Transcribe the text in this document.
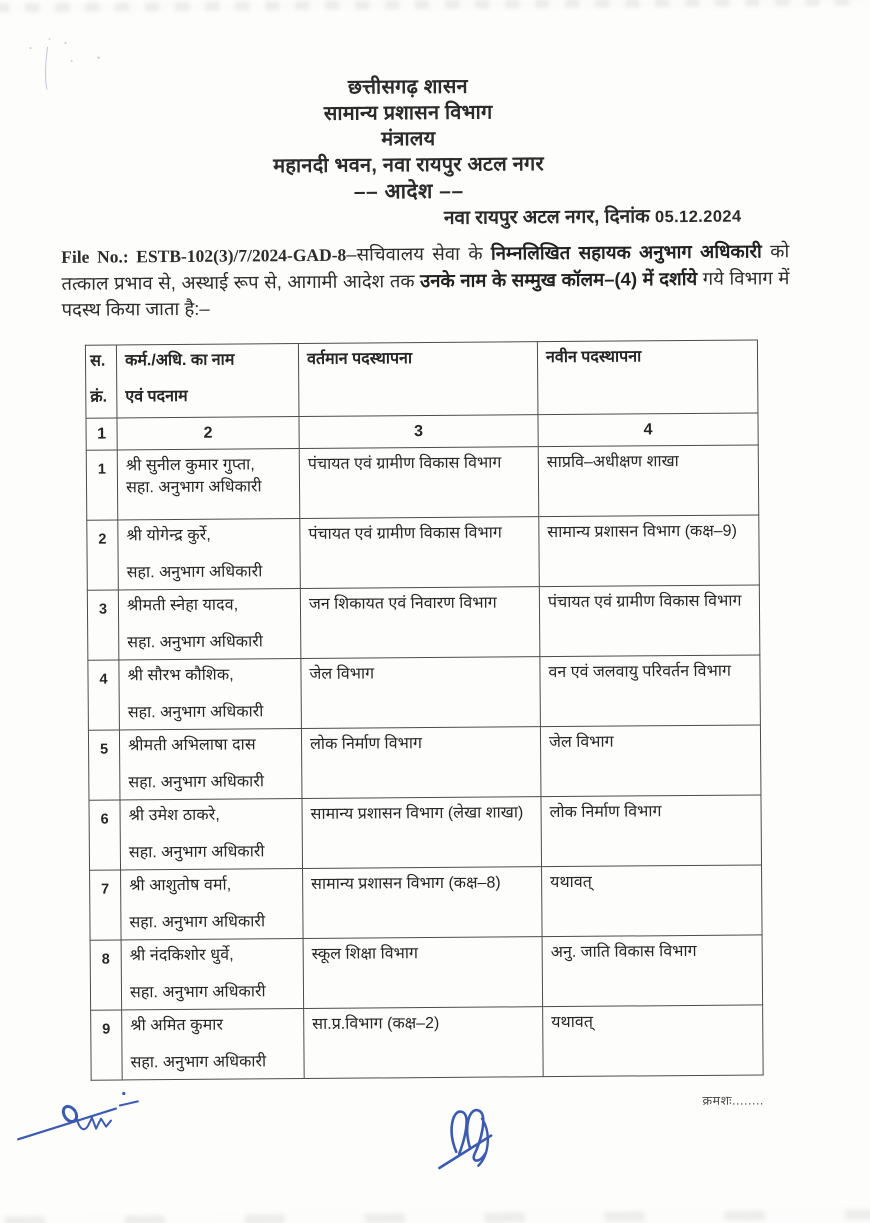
छत्तीसगढ़ शासन
सामान्य प्रशासन विभाग
मंत्रालय
महानदी भवन, नवा रायपुर अटल नगर
–– आदेश ––
नवा रायपुर अटल नगर, दिनांक 05.12.2024
File No.: ESTB-102(3)/7/2024-GAD-8–सचिवालय सेवा के निम्नलिखित सहायक अनुभाग अधिकारी को तत्काल प्रभाव से, अस्थाई रूप से, आगामी आदेश तक उनके नाम के सम्मुख कॉलम–(4) में दर्शाये गये विभाग में पदस्थ किया जाता है:–
स.
क्रं.

कर्म./अधि. का नाम
एवं पदनाम
	वर्तमान पदस्थापना	नवीन पदस्थापना
1	2	3	4
1	श्री सुनील कुमार गुप्ता,
सहा. अनुभाग अधिकारी	पंचायत एवं ग्रामीण विकास विभाग	साप्रवि–अधीक्षण शाखा
2	श्री योगेन्द्र कुर्रे,
सहा. अनुभाग अधिकारी	पंचायत एवं ग्रामीण विकास विभाग	सामान्य प्रशासन विभाग (कक्ष–9)
3	श्रीमती स्नेहा यादव,
सहा. अनुभाग अधिकारी	जन शिकायत एवं निवारण विभाग	पंचायत एवं ग्रामीण विकास विभाग
4	श्री सौरभ कौशिक,
सहा. अनुभाग अधिकारी	जेल विभाग	वन एवं जलवायु परिवर्तन विभाग
5	श्रीमती अभिलाषा दास
सहा. अनुभाग अधिकारी	लोक निर्माण विभाग	जेल विभाग
6	श्री उमेश ठाकरे,
सहा. अनुभाग अधिकारी	सामान्य प्रशासन विभाग (लेखा शाखा)	लोक निर्माण विभाग
7	श्री आशुतोष वर्मा,
सहा. अनुभाग अधिकारी	सामान्य प्रशासन विभाग (कक्ष–8)	यथावत्
8	श्री नंदकिशोर धुर्वे,
सहा. अनुभाग अधिकारी	स्कूल शिक्षा विभाग	अनु. जाति विकास विभाग
9	श्री अमित कुमार
सहा. अनुभाग अधिकारी	सा.प्र.विभाग (कक्ष–2)	यथावत्
क्रमशः........
